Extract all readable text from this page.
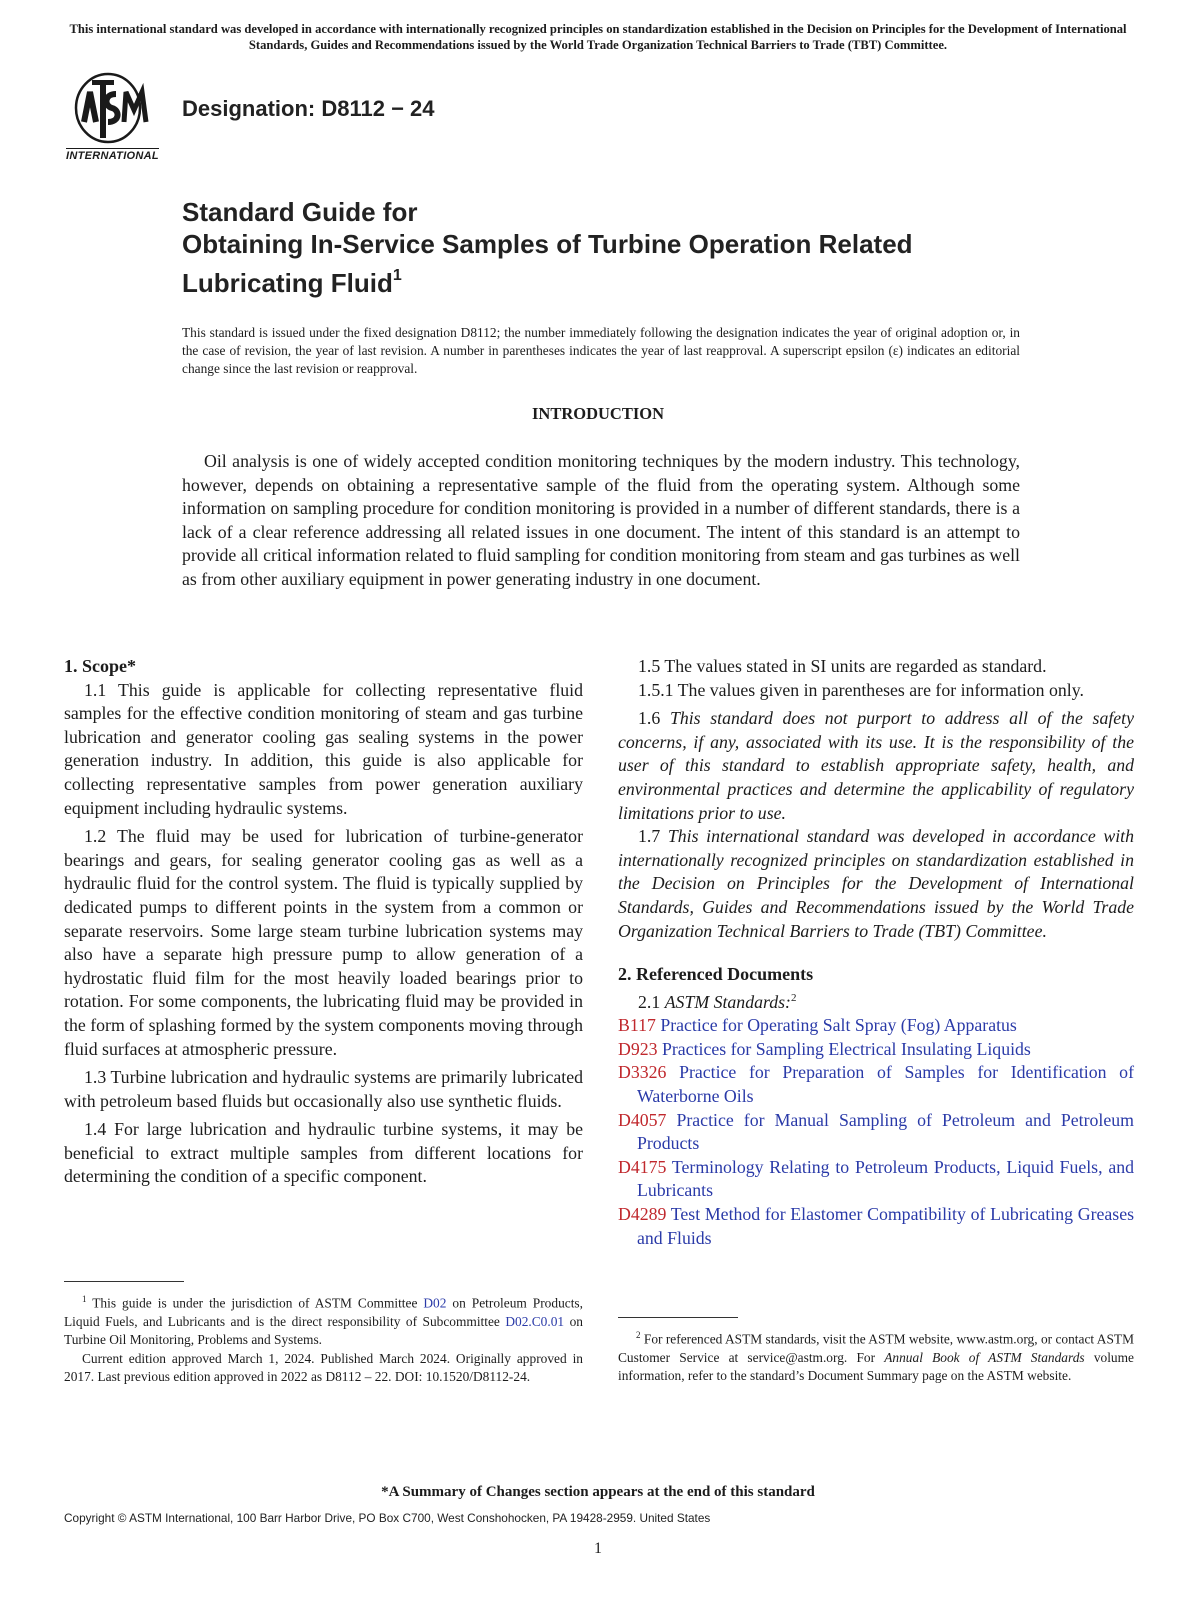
This international standard was developed in accordance with internationally recognized principles on standardization established in the Decision on Principles for the Development of International Standards, Guides and Recommendations issued by the World Trade Organization Technical Barriers to Trade (TBT) Committee.
INTERNATIONAL
Designation: D8112 − 24
Standard Guide for
Obtaining In-Service Samples of Turbine Operation Related
Lubricating Fluid$^1$
This standard is issued under the fixed designation D8112; the number immediately following the designation indicates the year of original adoption or, in the case of revision, the year of last revision. A number in parentheses indicates the year of last reapproval. A superscript epsilon (ε) indicates an editorial change since the last revision or reapproval.
INTRODUCTION
Oil analysis is one of widely accepted condition monitoring techniques by the modern industry. This technology, however, depends on obtaining a representative sample of the fluid from the operating system. Although some information on sampling procedure for condition monitoring is provided in a number of different standards, there is a lack of a clear reference addressing all related issues in one document. The intent of this standard is an attempt to provide all critical information related to fluid sampling for condition monitoring from steam and gas turbines as well as from other auxiliary equipment in power generating industry in one document.

1. Scope*

1.1 This guide is applicable for collecting representative fluid samples for the effective condition monitoring of steam and gas turbine lubrication and generator cooling gas sealing systems in the power generation industry. In addition, this guide is also applicable for collecting representative samples from power generation auxiliary equipment including hydraulic systems.

1.2 The fluid may be used for lubrication of turbine-generator bearings and gears, for sealing generator cooling gas as well as a hydraulic fluid for the control system. The fluid is typically supplied by dedicated pumps to different points in the system from a common or separate reservoirs. Some large steam turbine lubrication systems may also have a separate high pressure pump to allow generation of a hydrostatic fluid film for the most heavily loaded bearings prior to rotation. For some components, the lubricating fluid may be provided in the form of splashing formed by the system components moving through fluid surfaces at atmospheric pressure.

1.3 Turbine lubrication and hydraulic systems are primarily lubricated with petroleum based fluids but occasionally also use synthetic fluids.

1.4 For large lubrication and hydraulic turbine systems, it may be beneficial to extract multiple samples from different locations for determining the condition of a specific component.

$^1$ This guide is under the jurisdiction of ASTM Committee D02 on Petroleum Products, Liquid Fuels, and Lubricants and is the direct responsibility of Subcommittee D02.C0.01 on Turbine Oil Monitoring, Problems and Systems.

Current edition approved March 1, 2024. Published March 2024. Originally approved in 2017. Last previous edition approved in 2022 as D8112 – 22. DOI: 10.1520/D8112-24.

1.5 The values stated in SI units are regarded as standard.

1.5.1 The values given in parentheses are for information only.

1.6 This standard does not purport to address all of the safety concerns, if any, associated with its use. It is the responsibility of the user of this standard to establish appropriate safety, health, and environmental practices and determine the applicability of regulatory limitations prior to use.

1.7 This international standard was developed in accordance with internationally recognized principles on standardization established in the Decision on Principles for the Development of International Standards, Guides and Recommendations issued by the World Trade Organization Technical Barriers to Trade (TBT) Committee.

2. Referenced Documents

2.1 ASTM Standards:$^2$

B117 Practice for Operating Salt Spray (Fog) Apparatus

D923 Practices for Sampling Electrical Insulating Liquids

D3326 Practice for Preparation of Samples for Identification of Waterborne Oils

D4057 Practice for Manual Sampling of Petroleum and Petroleum Products

D4175 Terminology Relating to Petroleum Products, Liquid Fuels, and Lubricants

D4289 Test Method for Elastomer Compatibility of Lubricating Greases and Fluids

$^2$ For referenced ASTM standards, visit the ASTM website, www.astm.org, or contact ASTM Customer Service at service@astm.org. For Annual Book of ASTM Standards volume information, refer to the standard’s Document Summary page on the ASTM website.

*A Summary of Changes section appears at the end of this standard
Copyright © ASTM International, 100 Barr Harbor Drive, PO Box C700, West Conshohocken, PA 19428-2959. United States
1
